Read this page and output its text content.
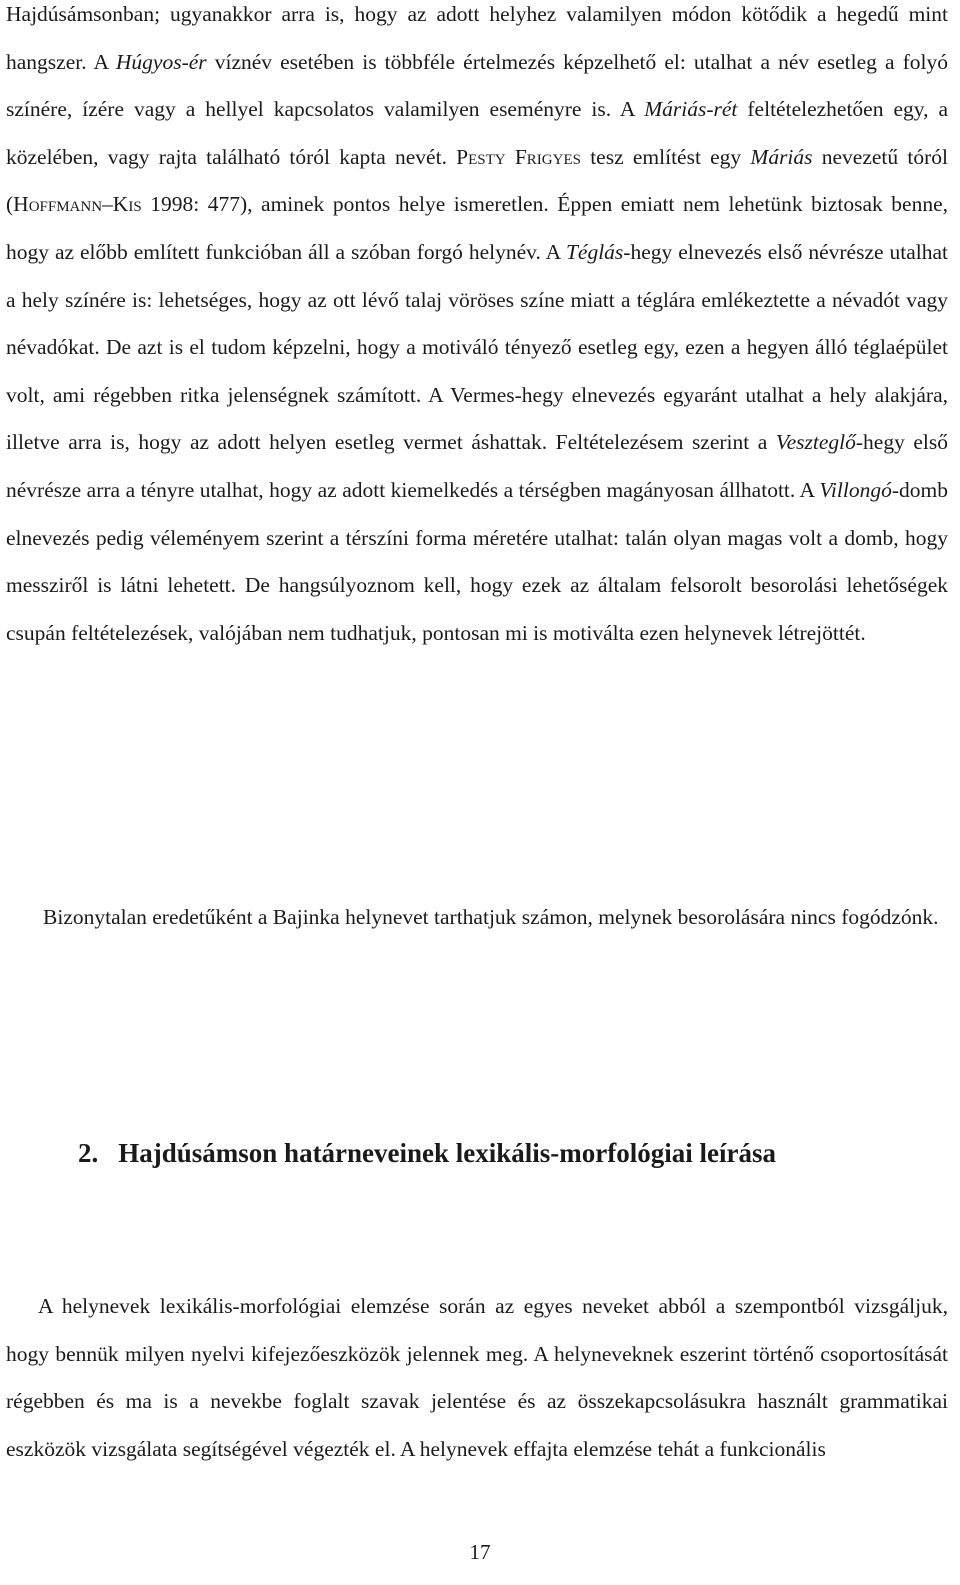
Hajdúsámsonban; ugyanakkor arra is, hogy az adott helyhez valamilyen módon kötődik a hegedű mint hangszer. A Húgyos-ér víznév esetében is többféle értelmezés képzelhető el: utalhat a név esetleg a folyó színére, ízére vagy a hellyel kapcsolatos valamilyen eseményre is. A Máriás-rét feltételezhetően egy, a közelében, vagy rajta található tóról kapta nevét. Pesty Frigyes tesz említést egy Máriás nevezetű tóról (Hoffmann–Kis 1998: 477), aminek pontos helye ismeretlen. Éppen emiatt nem lehetünk biztosak benne, hogy az előbb említett funkcióban áll a szóban forgó helynév. A Téglás-hegy elnevezés első névrésze utalhat a hely színére is: lehetséges, hogy az ott lévő talaj vöröses színe miatt a téglára emlékeztette a névadót vagy névadókat. De azt is el tudom képzelni, hogy a motiváló tényező esetleg egy, ezen a hegyen álló téglaépület volt, ami régebben ritka jelenségnek számított. A Vermes-hegy elnevezés egyaránt utalhat a hely alakjára, illetve arra is, hogy az adott helyen esetleg vermet áshattak. Feltételezésem szerint a Veszteglő-hegy első névrésze arra a tényre utalhat, hogy az adott kiemelkedés a térségben magányosan állhatott. A Villongó-domb elnevezés pedig véleményem szerint a térszíni forma méretére utalhat: talán olyan magas volt a domb, hogy messziről is látni lehetett. De hangsúlyoznom kell, hogy ezek az általam felsorolt besorolási lehetőségek csupán feltételezések, valójában nem tudhatjuk, pontosan mi is motiválta ezen helynevek létrejöttét.

Bizonytalan eredetűként a Bajinka helynevet tarthatjuk számon, melynek besorolására nincs fogódzónk.

2. Hajdúsámson határneveinek lexikális-morfológiai leírása

A helynevek lexikális-morfológiai elemzése során az egyes neveket abból a szempontból vizsgáljuk, hogy bennük milyen nyelvi kifejezőeszközök jelennek meg. A helyneveknek eszerint történő csoportosítását régebben és ma is a nevekbe foglalt szavak jelentése és az összekapcsolásukra használt grammatikai eszközök vizsgálata segítségével végezték el. A helynevek effajta elemzése tehát a funkcionális

17
